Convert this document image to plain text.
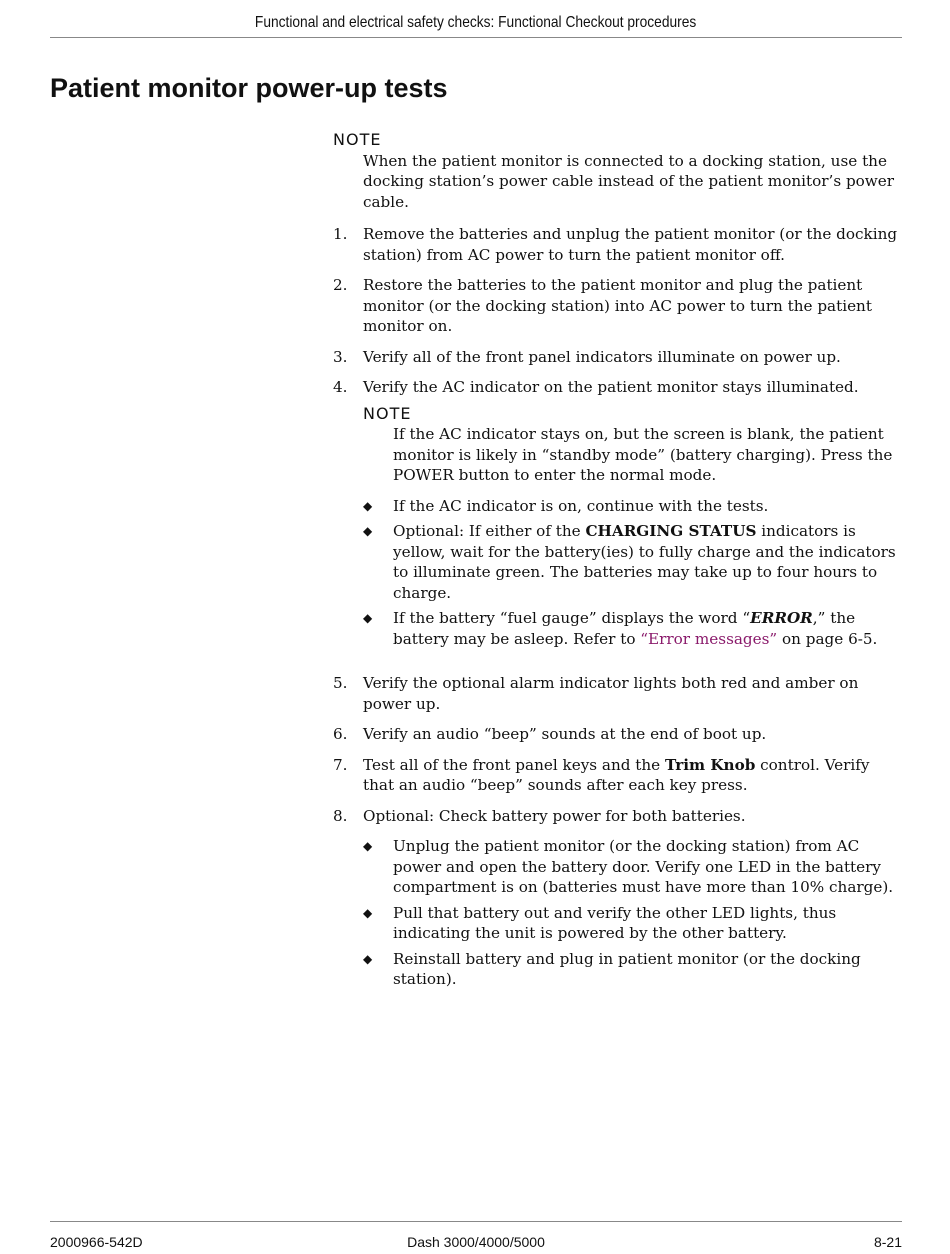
Functional and electrical safety checks: Functional Checkout procedures
Patient monitor power-up tests
NOTE
When the patient monitor is connected to a docking station, use the docking station’s power cable instead of the patient monitor’s power cable.
1.	Remove the batteries and unplug the patient monitor (or the docking station) from AC power to turn the patient monitor off.
2.	Restore the batteries to the patient monitor and plug the patient monitor (or the docking station) into AC power to turn the patient monitor on.
3.	Verify all of the front panel indicators illuminate on power up.
4.	Verify the AC indicator on the patient monitor stays illuminated.
NOTE
If the AC indicator stays on, but the screen is blank, the patient monitor is likely in “standby mode” (battery charging). Press the POWER button to enter the normal mode.
◆	If the AC indicator is on, continue with the tests.
◆	Optional: If either of the CHARGING STATUS indicators is yellow, wait for the battery(ies) to fully charge and the indicators to illuminate green. The batteries may take up to four hours to charge.
◆	If the battery “fuel gauge” displays the word “ERROR,” the battery may be asleep. Refer to “Error messages” on page 6-5.
5.	Verify the optional alarm indicator lights both red and amber on power up.
6.	Verify an audio “beep” sounds at the end of boot up.
7.	Test all of the front panel keys and the Trim Knob control. Verify that an audio “beep” sounds after each key press.
8.	Optional: Check battery power for both batteries.
◆	Unplug the patient monitor (or the docking station) from AC power and open the battery door. Verify one LED in the battery compartment is on (batteries must have more than 10% charge).
◆	Pull that battery out and verify the other LED lights, thus indicating the unit is powered by the other battery.
◆	Reinstall battery and plug in patient monitor (or the docking station).
2000966-542D	Dash 3000/4000/5000	8-21
